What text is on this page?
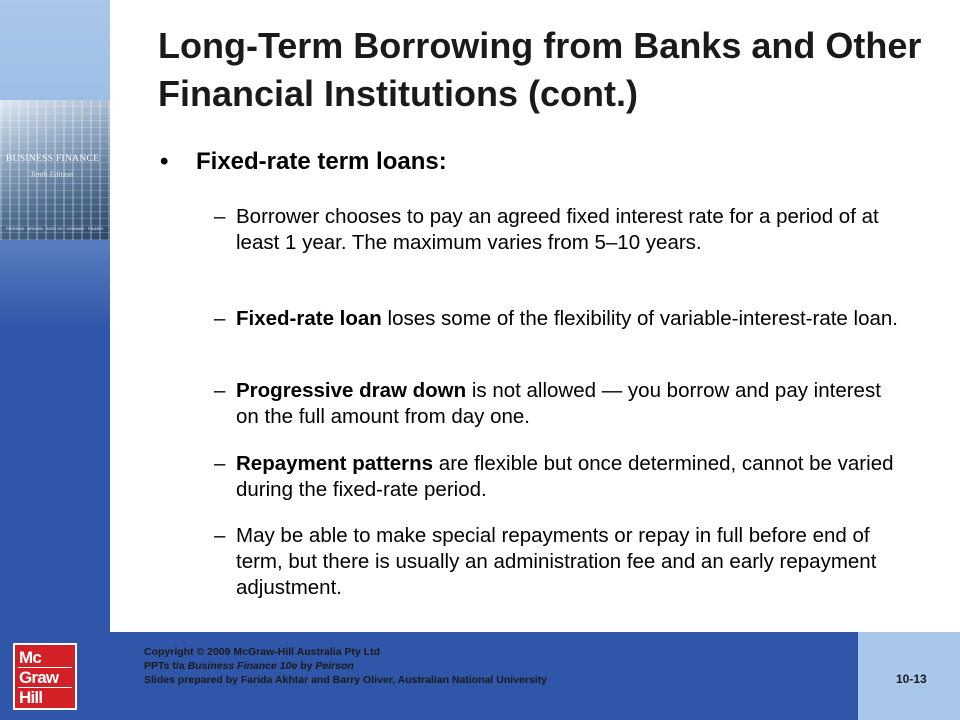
BUSINESS FINANCE
Tenth Edition
PEIRSON · BROWN · EASTON · HOWARD · PINDER
Mc
Graw
Hill
Long-Term Borrowing from Banks and Other Financial Institutions (cont.)
• Fixed-rate term loans:
– Borrower chooses to pay an agreed fixed interest rate for a period of at least 1 year. The maximum varies from 5–10 years.
– Fixed-rate loan loses some of the flexibility of variable-interest-rate loan.
– Progressive draw down is not allowed — you borrow and pay interest on the full amount from day one.
– Repayment patterns are flexible but once determined, cannot be varied during the fixed-rate period.
– May be able to make special repayments or repay in full before end of term, but there is usually an administration fee and an early repayment adjustment.
Copyright © 2009 McGraw-Hill Australia Pty Ltd
PPTs t/a Business Finance 10e by Peirson
Slides prepared by Farida Akhtar and Barry Oliver, Australian National University	10-13
